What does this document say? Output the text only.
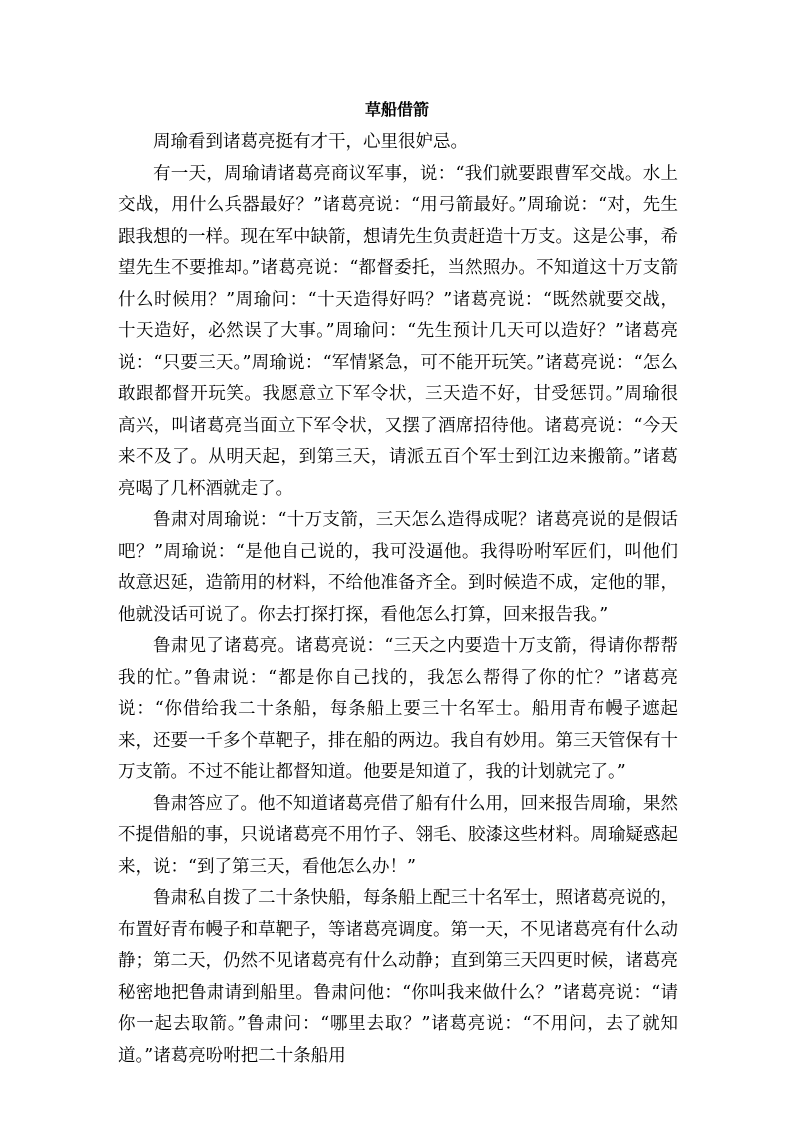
草船借箭

周瑜看到诸葛亮挺有才干，心里很妒忌。

有一天，周瑜请诸葛亮商议军事，说：“我们就要跟曹军交战。水上交战，用什么兵器最好？”诸葛亮说：“用弓箭最好。”周瑜说：“对，先生跟我想的一样。现在军中缺箭，想请先生负责赶造十万支。这是公事，希望先生不要推却。”诸葛亮说：“都督委托，当然照办。不知道这十万支箭什么时候用？”周瑜问：“十天造得好吗？”诸葛亮说：“既然就要交战，十天造好，必然误了大事。”周瑜问：“先生预计几天可以造好？”诸葛亮说：“只要三天。”周瑜说：“军情紧急，可不能开玩笑。”诸葛亮说：“怎么敢跟都督开玩笑。我愿意立下军令状，三天造不好，甘受惩罚。”周瑜很高兴，叫诸葛亮当面立下军令状，又摆了酒席招待他。诸葛亮说：“今天来不及了。从明天起，到第三天，请派五百个军士到江边来搬箭。”诸葛亮喝了几杯酒就走了。

鲁肃对周瑜说：“十万支箭，三天怎么造得成呢？诸葛亮说的是假话吧？”周瑜说：“是他自己说的，我可没逼他。我得吩咐军匠们，叫他们故意迟延，造箭用的材料，不给他准备齐全。到时候造不成，定他的罪，他就没话可说了。你去打探打探，看他怎么打算，回来报告我。”

鲁肃见了诸葛亮。诸葛亮说：“三天之内要造十万支箭，得请你帮帮我的忙。”鲁肃说：“都是你自己找的，我怎么帮得了你的忙？”诸葛亮说：“你借给我二十条船，每条船上要三十名军士。船用青布幔子遮起来，还要一千多个草靶子，排在船的两边。我自有妙用。第三天管保有十万支箭。不过不能让都督知道。他要是知道了，我的计划就完了。”

鲁肃答应了。他不知道诸葛亮借了船有什么用，回来报告周瑜，果然不提借船的事，只说诸葛亮不用竹子、翎毛、胶漆这些材料。周瑜疑惑起来，说：“到了第三天，看他怎么办！”

鲁肃私自拨了二十条快船，每条船上配三十名军士，照诸葛亮说的，布置好青布幔子和草靶子，等诸葛亮调度。第一天，不见诸葛亮有什么动静；第二天，仍然不见诸葛亮有什么动静；直到第三天四更时候，诸葛亮秘密地把鲁肃请到船里。鲁肃问他：“你叫我来做什么？”诸葛亮说：“请你一起去取箭。”鲁肃问：“哪里去取？”诸葛亮说：“不用问，去了就知道。”诸葛亮吩咐把二十条船用
